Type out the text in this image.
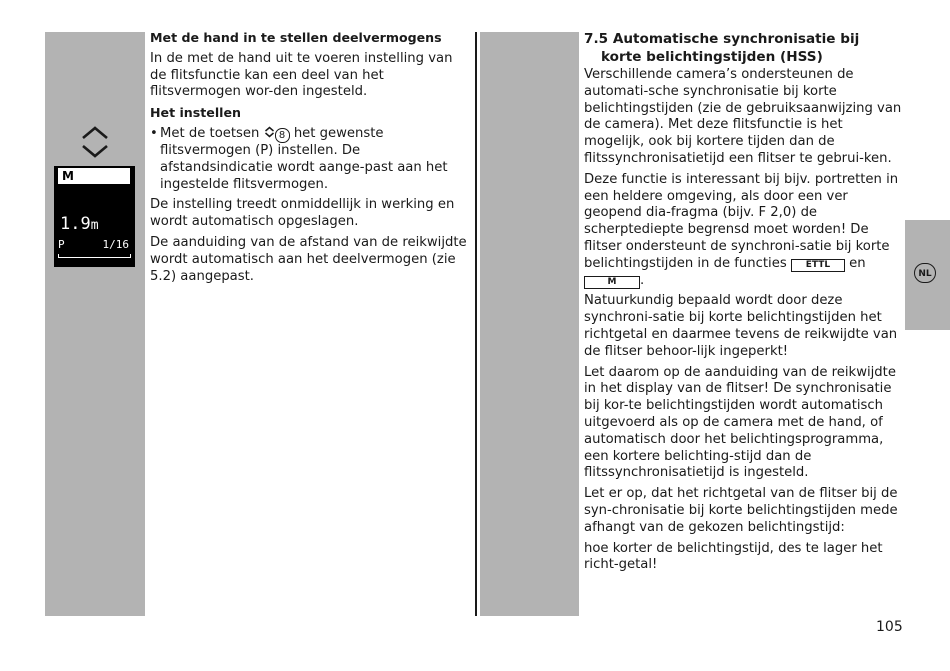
M
1.9m
P	1/16
Met de hand in te stellen deelvermogens
In de met de hand uit te voeren instelling van de flitsfunctie kan een deel van het flitsvermogen wor-den ingesteld.
Het instellen
• Met de toetsen 8 het gewenste flitsvermogen (P) instellen. De afstandsindicatie wordt aange-past aan het ingestelde flitsvermogen.
De instelling treedt onmiddellijk in werking en wordt automatisch opgeslagen.
De aanduiding van de afstand van de reikwijdte wordt automatisch aan het deelvermogen (zie 5.2) aangepast.
7.5 Automatische synchronisatie bij
korte belichtingstijden (HSS)
Verschillende camera’s ondersteunen de automati-sche synchronisatie bij korte belichtingstijden (zie de gebruiksaanwijzing van de camera). Met deze flitsfunctie is het mogelijk, ook bij kortere tijden dan de flitssynchronisatietijd een flitser te gebrui-ken.
Deze functie is interessant bij bijv. portretten in een heldere omgeving, als door een ver geopend dia-fragma (bijv. F 2,0) de scherptediepte begrensd moet worden! De flitser ondersteunt de synchroni-satie bij korte belichtingstijden in de functies ETTL en M .
Natuurkundig bepaald wordt door deze synchroni-satie bij korte belichtingstijden het richtgetal en daarmee tevens de reikwijdte van de flitser behoor-lijk ingeperkt!
Let daarom op de aanduiding van de reikwijdte in het display van de flitser! De synchronisatie bij kor-te belichtingstijden wordt automatisch uitgevoerd als op de camera met de hand, of automatisch door het belichtingsprogramma, een kortere belichting-stijd dan de flitssynchronisatietijd is ingesteld.
Let er op, dat het richtgetal van de flitser bij de syn-chronisatie bij korte belichtingstijden mede afhangt van de gekozen belichtingstijd:
hoe korter de belichtingstijd, des te lager het richt-getal!
NL
105
